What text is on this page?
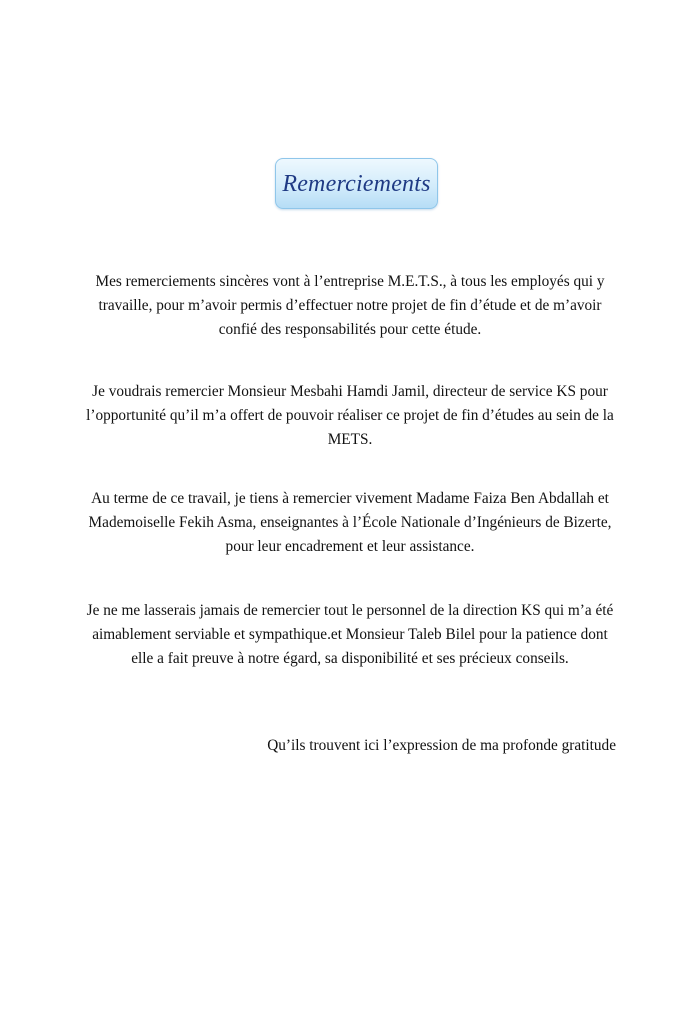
Remerciements

Mes remerciements sincères vont à l’entreprise M.E.T.S., à tous les employés qui y travaille, pour m’avoir permis d’effectuer notre projet de fin d’étude et de m’avoir confié des responsabilités pour cette étude.

Je voudrais remercier Monsieur Mesbahi Hamdi Jamil, directeur de service KS pour l’opportunité qu’il m’a offert de pouvoir réaliser ce projet de fin d’études au sein de la METS.

Au terme de ce travail, je tiens à remercier vivement Madame Faiza Ben Abdallah et Mademoiselle Fekih Asma, enseignantes à l’École Nationale d’Ingénieurs de Bizerte, pour leur encadrement et leur assistance.

Je ne me lasserais jamais de remercier tout le personnel de la direction KS qui m’a été aimablement serviable et sympathique.et Monsieur Taleb Bilel pour la patience dont elle a fait preuve à notre égard, sa disponibilité et ses précieux conseils.

Qu’ils trouvent ici l’expression de ma profonde gratitude
